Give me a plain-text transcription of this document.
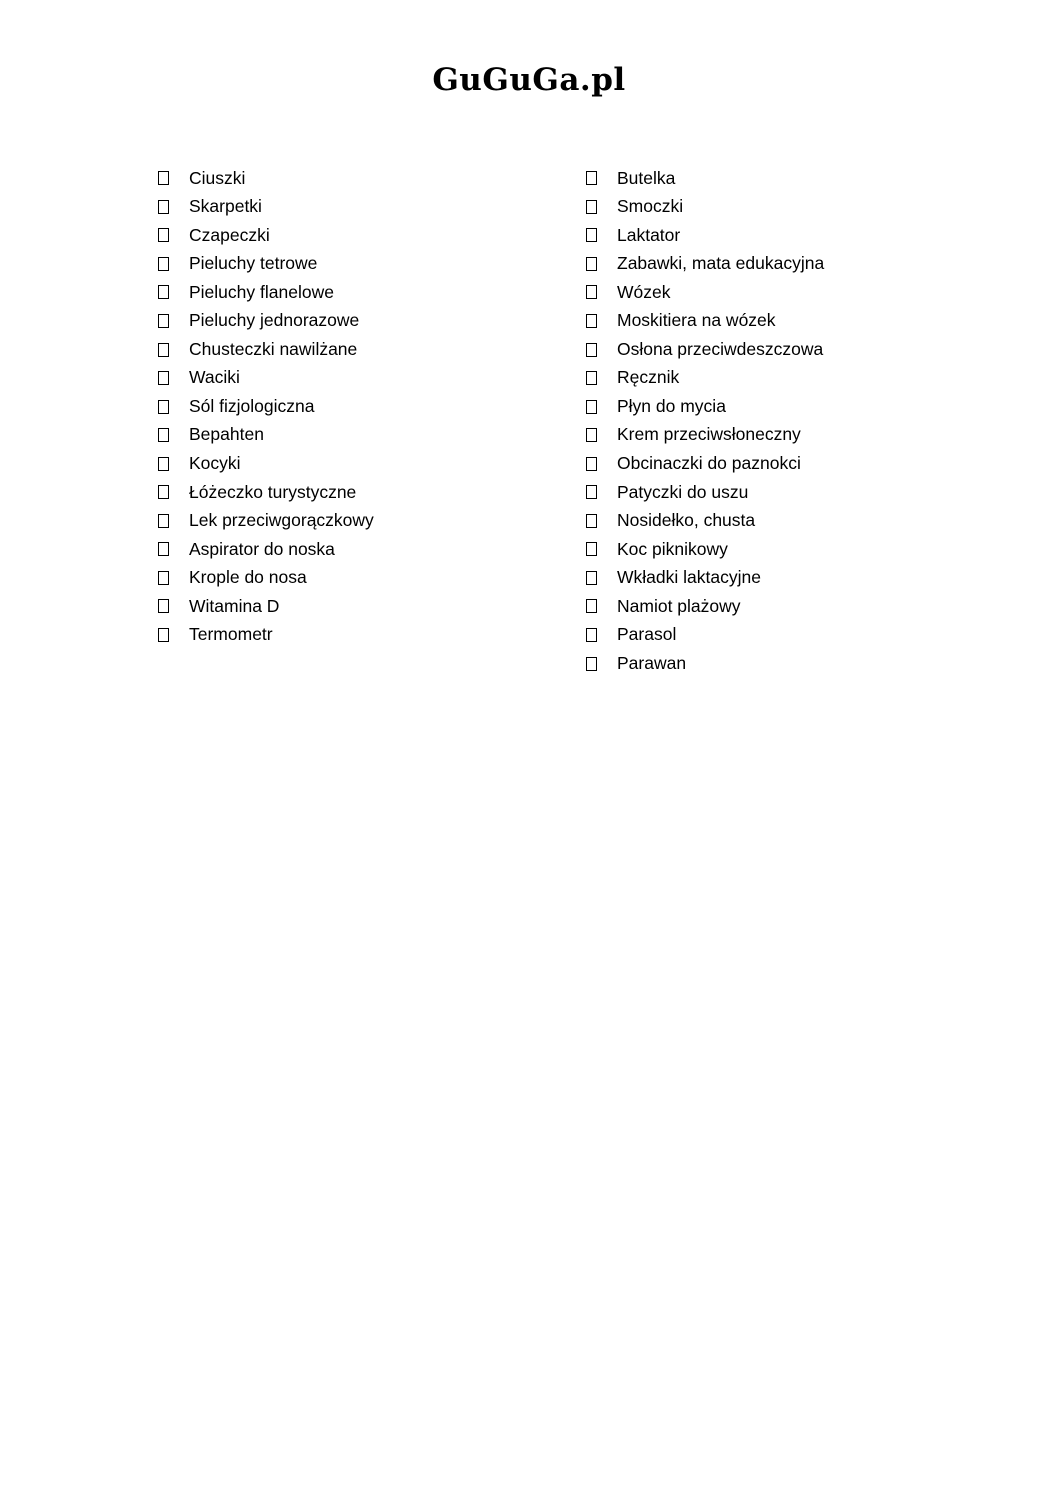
GuGuGa.pl
Ciuszki
Skarpetki
Czapeczki
Pieluchy tetrowe
Pieluchy flanelowe
Pieluchy jednorazowe
Chusteczki nawilżane
Waciki
Sól fizjologiczna
Bepahten
Kocyki
Łóżeczko turystyczne
Lek przeciwgorączkowy
Aspirator do noska
Krople do nosa
Witamina D
Termometr
Butelka
Smoczki
Laktator
Zabawki, mata edukacyjna
Wózek
Moskitiera na wózek
Osłona przeciwdeszczowa
Ręcznik
Płyn do mycia
Krem przeciwsłoneczny
Obcinaczki do paznokci
Patyczki do uszu
Nosidełko, chusta
Koc piknikowy
Wkładki laktacyjne
Namiot plażowy
Parasol
Parawan
